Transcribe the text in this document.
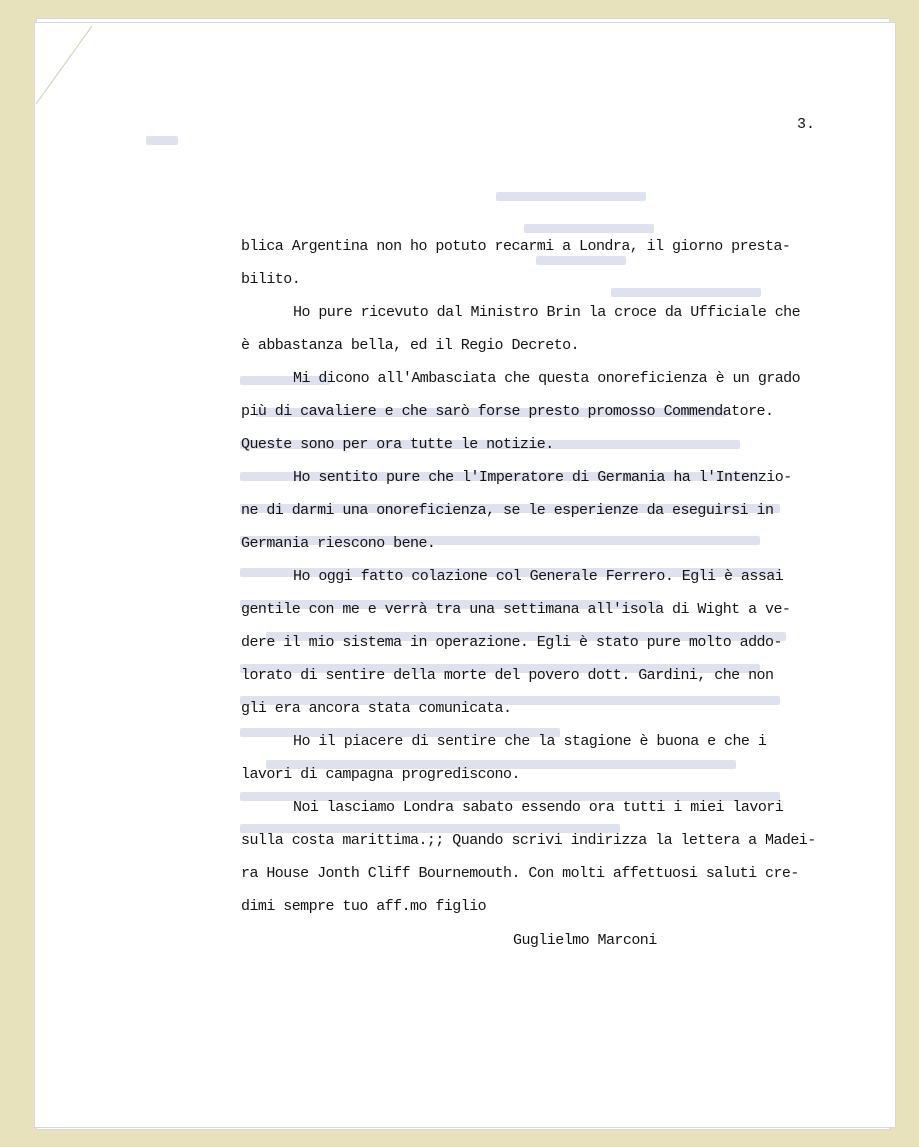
3.
blica Argentina non ho potuto recarmi a Londra, il giorno presta-
bilito.
Ho pure ricevuto dal Ministro Brin la croce da Ufficiale che
è abbastanza bella, ed il Regio Decreto.
Mi dicono all'Ambasciata che questa onoreficienza è un grado
più di cavaliere e che sarò forse presto promosso Commendatore.
Queste sono per ora tutte le notizie.
Ho sentito pure che l'Imperatore di Germania ha l'Intenzio-
ne di darmi una onoreficienza, se le esperienze da eseguirsi in
Germania riescono bene.
Ho oggi fatto colazione col Generale Ferrero. Egli è assai
gentile con me e verrà tra una settimana all'isola di Wight a ve-
dere il mio sistema in operazione. Egli è stato pure molto addo-
lorato di sentire della morte del povero dott. Gardini, che non
gli era ancora stata comunicata.
Ho il piacere di sentire che la stagione è buona e che i
lavori di campagna progrediscono.
Noi lasciamo Londra sabato essendo ora tutti i miei lavori
sulla costa marittima.;; Quando scrivi indirizza la lettera a Madei-
ra House Jonth Cliff Bournemouth. Con molti affettuosi saluti cre-
dimi sempre tuo aff.mo figlio
Guglielmo Marconi
